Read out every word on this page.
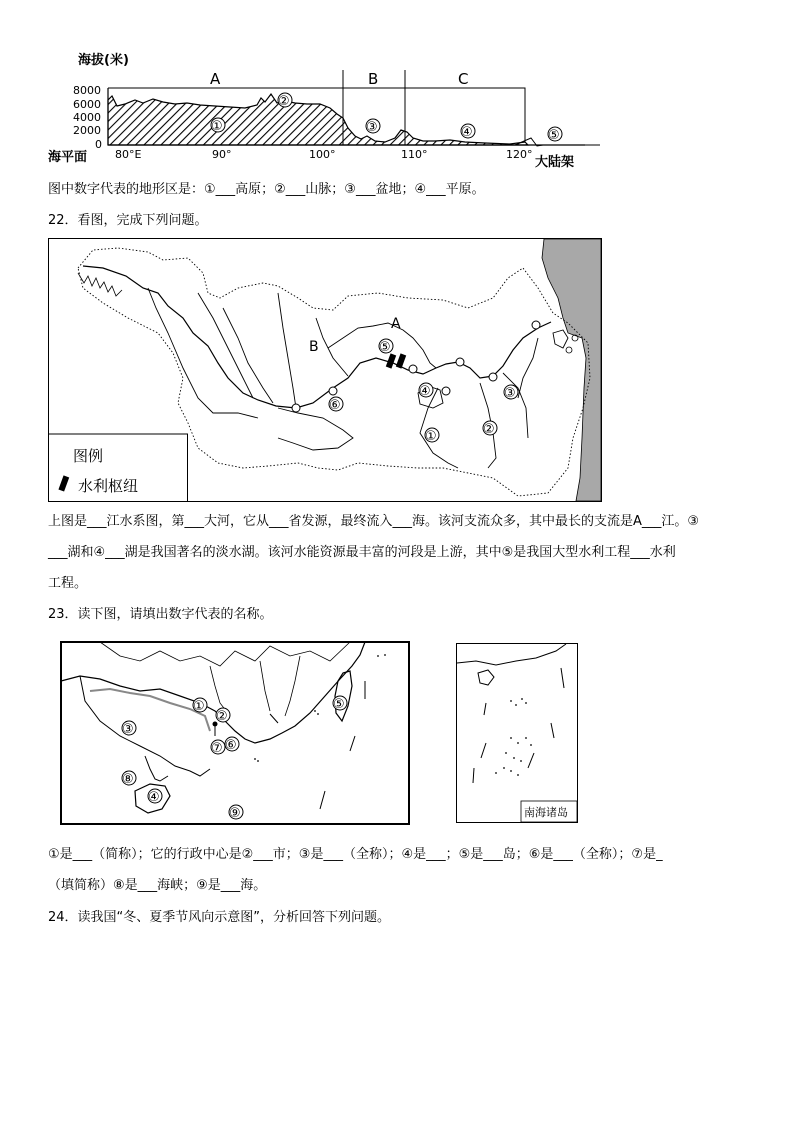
海拔(米)
8000
6000
4000
2000
0
A	B	C
①
②
③	④	⑤
海平面	80°E	90°	100°	110°	120°
大陆架
图中数字代表的地形区是：①___高原；②___山脉；③___盆地；④___平原。
22．看图，完成下列问题。
A
B	⑤
⑥
④	③
①	②
图例
水利枢纽
上图是___江水系图，第___大河，它从___省发源，最终流入___海。该河支流众多，其中最长的支流是A___江。③
___湖和④___湖是我国著名的淡水湖。该河水能资源最丰富的河段是上游，其中⑤是我国大型水利工程___水利
工程。
23．读下图，请填出数字代表的名称。
①
②
③
④
⑤
⑥
⑦
⑧
⑨	南海诸岛
①是___（简称）；它的行政中心是②___市；③是___（全称）；④是___；⑤是___岛；⑥是___（全称）；⑦是_
（填简称）⑧是___海峡；⑨是___海。
24．读我国“冬、夏季节风向示意图”，分析回答下列问题。
